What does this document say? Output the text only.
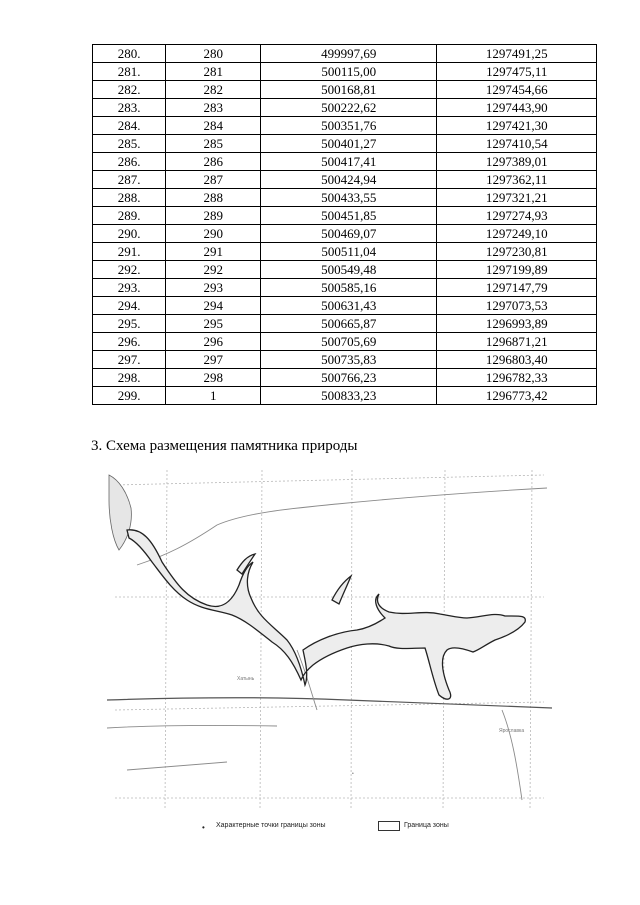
280.	280	499997,69	1297491,25
281.	281	500115,00	1297475,11
282.	282	500168,81	1297454,66
283.	283	500222,62	1297443,90
284.	284	500351,76	1297421,30
285.	285	500401,27	1297410,54
286.	286	500417,41	1297389,01
287.	287	500424,94	1297362,11
288.	288	500433,55	1297321,21
289.	289	500451,85	1297274,93
290.	290	500469,07	1297249,10
291.	291	500511,04	1297230,81
292.	292	500549,48	1297199,89
293.	293	500585,16	1297147,79
294.	294	500631,43	1297073,53
295.	295	500665,87	1296993,89
296.	296	500705,69	1296871,21
297.	297	500735,83	1296803,40
298.	298	500766,23	1296782,33
299.	1	500833,23	1296773,42
3. Схема размещения памятника природы
Хатынь
Ярославка
•
• Характерные точки границы зоны	Граница зоны
